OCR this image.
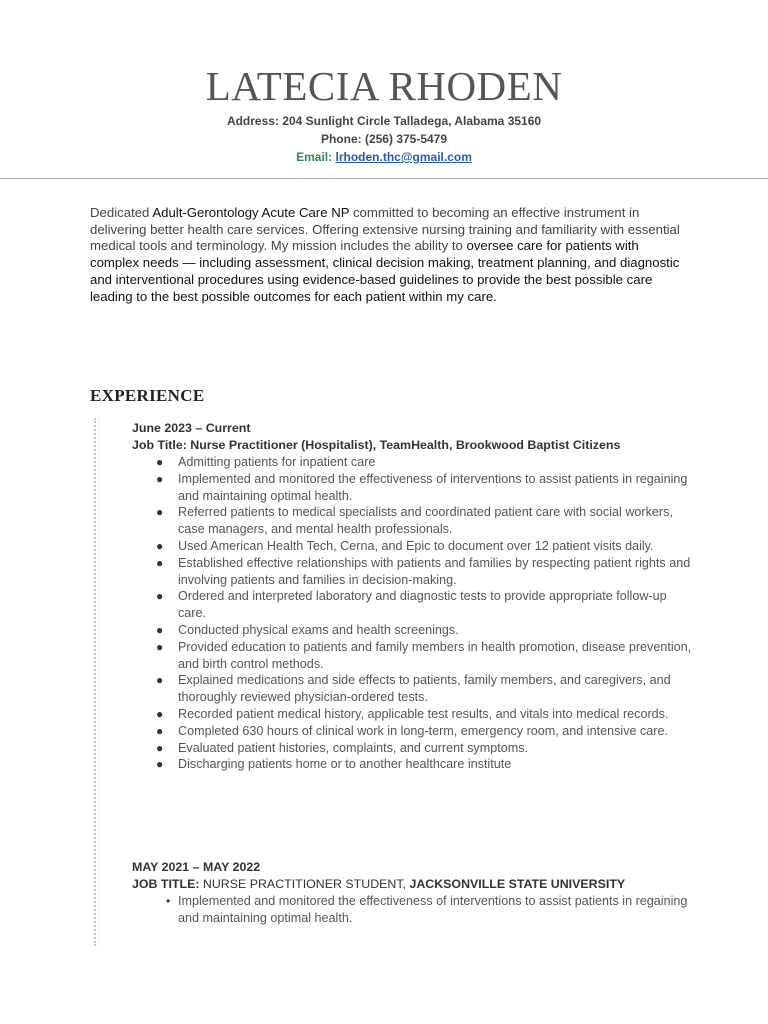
LATECIA RHODEN
Address: 204 Sunlight Circle Talladega, Alabama 35160
Phone: (256) 375-5479
Email: lrhoden.thc@gmail.com
Dedicated Adult-Gerontology Acute Care NP committed to becoming an effective instrument in delivering better health care services. Offering extensive nursing training and familiarity with essential medical tools and terminology. My mission includes the ability to oversee care for patients with complex needs — including assessment, clinical decision making, treatment planning, and diagnostic and interventional procedures using evidence-based guidelines to provide the best possible care leading to the best possible outcomes for each patient within my care.
EXPERIENCE
June 2023 – Current
Job Title: Nurse Practitioner (Hospitalist), TeamHealth, Brookwood Baptist Citizens
● Admitting patients for inpatient care
● Implemented and monitored the effectiveness of interventions to assist patients in regaining and maintaining optimal health.
● Referred patients to medical specialists and coordinated patient care with social workers, case managers, and mental health professionals.
● Used American Health Tech, Cerna, and Epic to document over 12 patient visits daily.
● Established effective relationships with patients and families by respecting patient rights and involving patients and families in decision-making.
● Ordered and interpreted laboratory and diagnostic tests to provide appropriate follow-up care.
● Conducted physical exams and health screenings.
● Provided education to patients and family members in health promotion, disease prevention, and birth control methods.
● Explained medications and side effects to patients, family members, and caregivers, and thoroughly reviewed physician-ordered tests.
● Recorded patient medical history, applicable test results, and vitals into medical records.
● Completed 630 hours of clinical work in long-term, emergency room, and intensive care.
● Evaluated patient histories, complaints, and current symptoms.
● Discharging patients home or to another healthcare institute
MAY 2021 – MAY 2022
JOB TITLE: NURSE PRACTITIONER STUDENT, JACKSONVILLE STATE UNIVERSITY
• Implemented and monitored the effectiveness of interventions to assist patients in regaining and maintaining optimal health.
